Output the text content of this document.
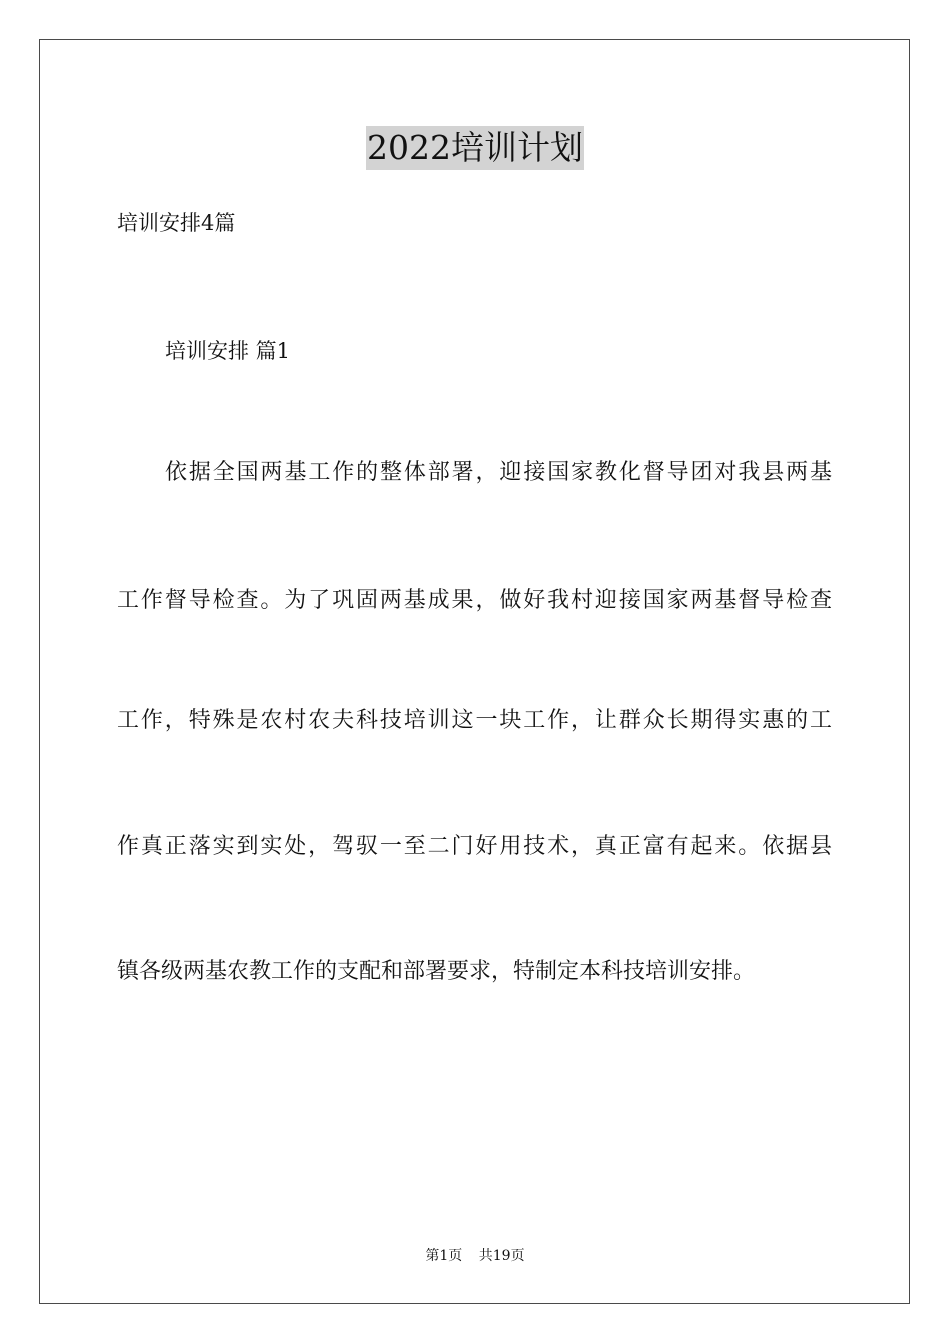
2022培训计划

培训安排4篇

培训安排 篇1

依据全国两基工作的整体部署，迎接国家教化督导团对我县两基

工作督导检查。为了巩固两基成果，做好我村迎接国家两基督导检查

工作，特殊是农村农夫科技培训这一块工作，让群众长期得实惠的工

作真正落实到实处，驾驭一至二门好用技术，真正富有起来。依据县

镇各级两基农教工作的支配和部署要求，特制定本科技培训安排。

第1页 共19页
